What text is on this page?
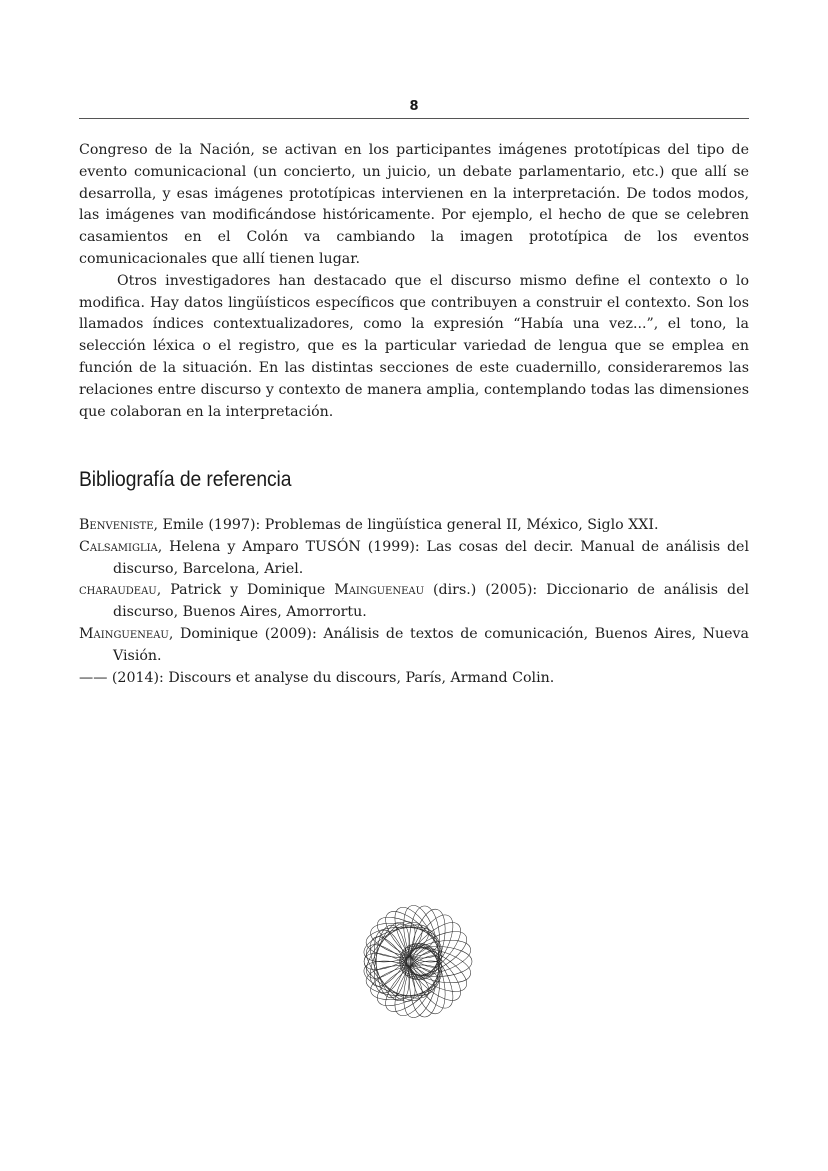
8

Congreso de la Nación, se activan en los participantes imágenes prototípicas del tipo de evento comunicacional (un concierto, un juicio, un debate parlamentario, etc.) que allí se desarrolla, y esas imágenes prototípicas intervienen en la interpretación. De todos modos, las imágenes van modificándose históricamente. Por ejemplo, el hecho de que se celebren casamientos en el Colón va cambiando la imagen prototípica de los eventos comunicacionales que allí tienen lugar.

Otros investigadores han destacado que el discurso mismo define el contexto o lo modifica. Hay datos lingüísticos específicos que contribuyen a construir el contexto. Son los llamados índices contextualizadores, como la expresión “Había una vez...”, el tono, la selección léxica o el registro, que es la particular variedad de lengua que se emplea en función de la situación. En las distintas secciones de este cuadernillo, consideraremos las relaciones entre discurso y contexto de manera amplia, contemplando todas las dimensiones que colaboran en la interpretación.

Bibliografía de referencia
Benveniste, Emile (1997): Problemas de lingüística general II, México, Siglo XXI.
Calsamiglia, Helena y Amparo TUSÓN (1999): Las cosas del decir. Manual de análisis del discurso, Barcelona, Ariel.
charaudeau, Patrick y Dominique Maingueneau (dirs.) (2005): Diccionario de análisis del discurso, Buenos Aires, Amorrortu.
Maingueneau, Dominique (2009): Análisis de textos de comunicación, Buenos Aires, Nueva Visión.
—— (2014): Discours et analyse du discours, París, Armand Colin.
